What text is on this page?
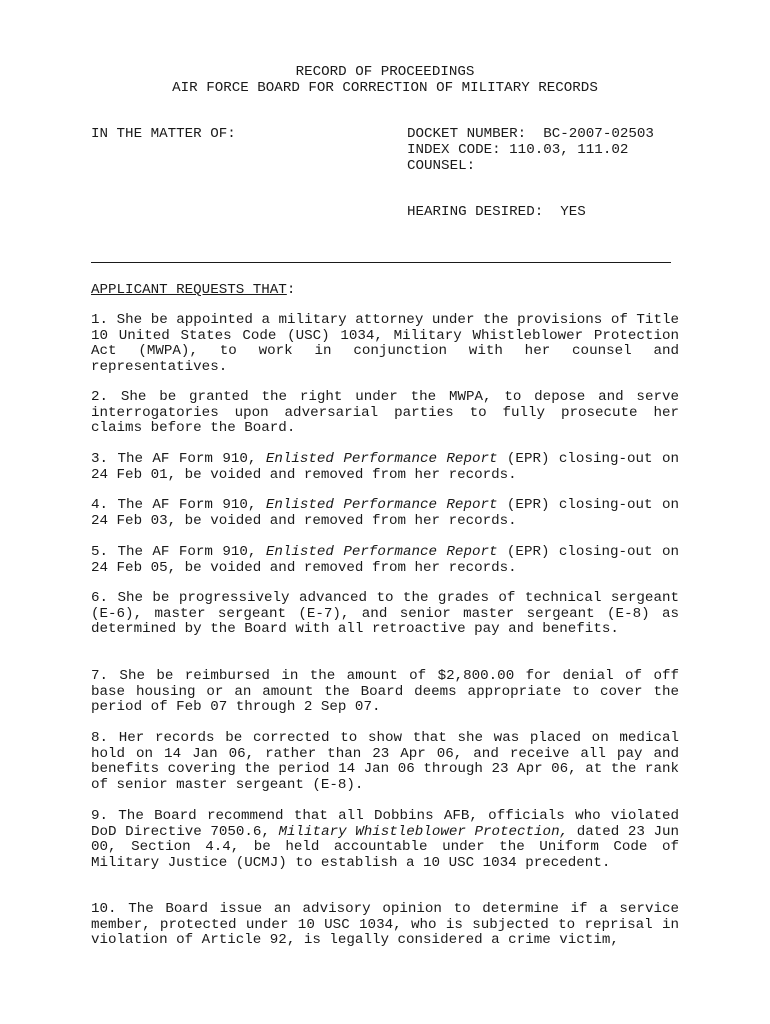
RECORD OF PROCEEDINGS
AIR FORCE BOARD FOR CORRECTION OF MILITARY RECORDS
IN THE MATTER OF:	DOCKET NUMBER:  BC-2007-02503
INDEX CODE: 110.03, 111.02
COUNSEL:
HEARING DESIRED:  YES
APPLICANT REQUESTS THAT:
1. She be appointed a military attorney under the provisions of Title 10 United States Code (USC) 1034, Military Whistleblower Protection Act (MWPA), to work in conjunction with her counsel and representatives.
2. She be granted the right under the MWPA, to depose and serve interrogatories upon adversarial parties to fully prosecute her claims before the Board.
3. The AF Form 910, Enlisted Performance Report (EPR) closing-out on 24 Feb 01, be voided and removed from her records.
4. The AF Form 910, Enlisted Performance Report (EPR) closing-out on 24 Feb 03, be voided and removed from her records.
5. The AF Form 910, Enlisted Performance Report (EPR) closing-out on 24 Feb 05, be voided and removed from her records.
6. She be progressively advanced to the grades of technical sergeant (E-6), master sergeant (E-7), and senior master sergeant (E-8) as determined by the Board with all retroactive pay and benefits.
7. She be reimbursed in the amount of $2,800.00 for denial of off base housing or an amount the Board deems appropriate to cover the period of Feb 07 through 2 Sep 07.
8. Her records be corrected to show that she was placed on medical hold on 14 Jan 06, rather than 23 Apr 06, and receive all pay and benefits covering the period 14 Jan 06 through 23 Apr 06, at the rank of senior master sergeant (E-8).
9. The Board recommend that all Dobbins AFB, officials who violated DoD Directive 7050.6, Military Whistleblower Protection, dated 23 Jun 00, Section 4.4, be held accountable under the Uniform Code of Military Justice (UCMJ) to establish a 10 USC 1034 precedent.
10. The Board issue an advisory opinion to determine if a service member, protected under 10 USC 1034, who is subjected to reprisal in violation of Article 92, is legally considered a crime victim,
